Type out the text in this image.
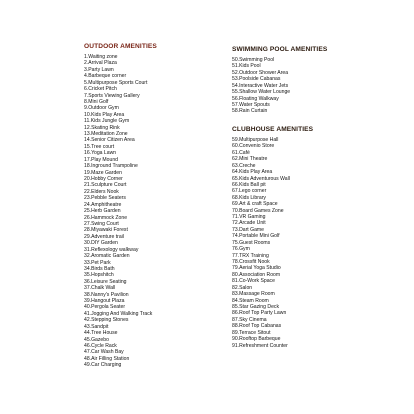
OUTDOOR AMENITIES
1.Waiting zone
2.Arrival Plaza
3.Party Lawn
4.Barbeque corner
5.Multipurpose Sports Court
6.Cricket Pitch
7.Sports Viewing Gallery
8.Mini Golf
9.Outdoor Gym
10.Kids Play Area
11.Kids Jungle Gym
12.Skating Rink
13.Meditation Zone
14.Senior Citizen Area
15.Tree court
16.Yoga Lawn
17.Play Mound
18.Inground Trampoline
19.Maze Garden
20.Hobby Corner
21.Sculpture Court
22.Elders Nook
23.Pebble Seaters
24.Amphitheatre
25.Herb Garden
26.Hammock Zone
27.Swing Court
28.Miyawaki Forest
29.Adventure trail
30.DIY Garden
31.Reflexology walkway
32.Aromatic Garden
33.Pet Park
34.Birds Bath
35.Hopshitch
36.Leisure Seating
37.Chalk Wall
38.Nanny's Pavilion
39.Hangout Plaza
40.Pergola Seater
41.Jogging And Walking Track
42.Stepping Stones
43.Sandpit
44.Tree House
45.Gazebo
46.Cycle Rack
47.Car Wash Bay
48.Air Filling Station
49.Car Charging
SWIMMING POOL AMENITIES
50.Swimming Pool
51.Kids Pool
52.Outdoor Shower Area
53.Poolside Cabanas
54.Interactive Water Jets
55.Shallow Water Lounge
56.Floating Walkway
57.Water Spouts
58.Rain Curtain
CLUBHOUSE AMENITIES
59.Multipurpose Hall
60.Convenio Store
61.Café
62.Mini Theatre
63.Creche
64.Kids Play Area
65.Kids Adventurous Wall
66.Kids Ball pit
67.Lego corner
68.Kids Library
69.Art & craft Space
70.Board Games Zone
71.VR Gaming
72.Arcade Unit
73.Dart Game
74.Portable Mini Golf
75.Guest Rooms
76.Gym
77.TRX Training
78.Crossfit Nook
79.Aerial Yoga Studio
80.Association Room
81.Co-Work Space
82.Salon
83.Massage Room
84.Steam Room
85.Star Gazing Deck
86.Roof Top Party Lawn
87.Sky Cinema
88.Roof Top Cabanas
89.Terrace Sitout
90.Rooftop Barbeque
91.Refreshment Counter
